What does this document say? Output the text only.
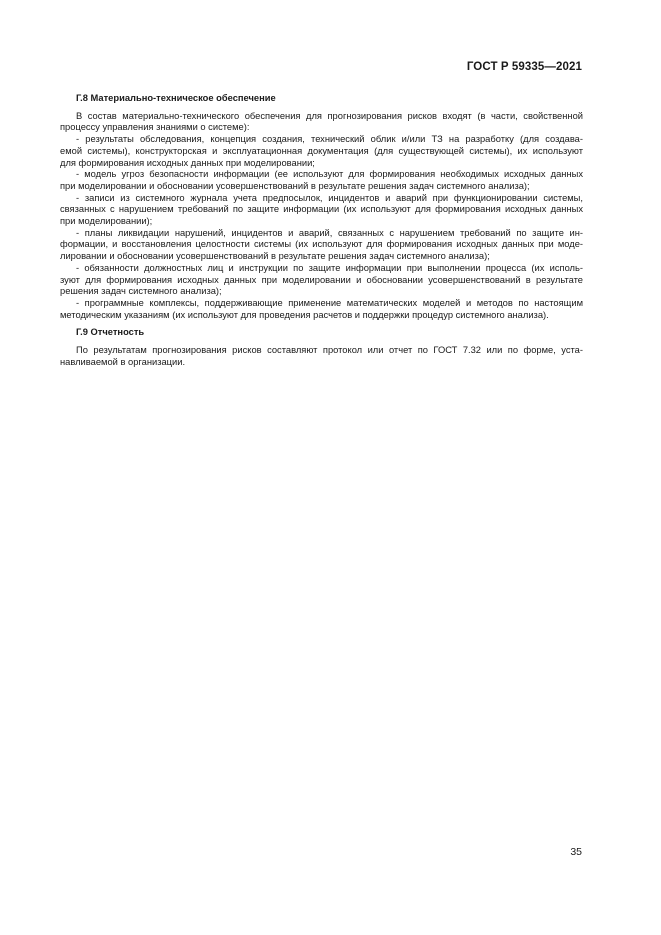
ГОСТ Р 59335—2021
Г.8 Материально-техническое обеспечение
В состав материально-технического обеспечения для прогнозирования рисков входят (в части, свойственной
процессу управления знаниями о системе):
- результаты обследования, концепция создания, технический облик и/или ТЗ на разработку (для создава-
емой системы), конструкторская и эксплуатационная документация (для существующей системы), их используют
для формирования исходных данных при моделировании;
- модель угроз безопасности информации (ее используют для формирования необходимых исходных данных
при моделировании и обосновании усовершенствований в результате решения задач системного анализа);
- записи из системного журнала учета предпосылок, инцидентов и аварий при функционировании системы,
связанных с нарушением требований по защите информации (их используют для формирования исходных данных
при моделировании);
- планы ликвидации нарушений, инцидентов и аварий, связанных с нарушением требований по защите ин-
формации, и восстановления целостности системы (их используют для формирования исходных данных при моде-
лировании и обосновании усовершенствований в результате решения задач системного анализа);
- обязанности должностных лиц и инструкции по защите информации при выполнении процесса (их исполь-
зуют для формирования исходных данных при моделировании и обосновании усовершенствований в результате
решения задач системного анализа);
- программные комплексы, поддерживающие применение математических моделей и методов по настоящим
методическим указаниям (их используют для проведения расчетов и поддержки процедур системного анализа).
Г.9 Отчетность
По результатам прогнозирования рисков составляют протокол или отчет по ГОСТ 7.32 или по форме, уста-
навливаемой в организации.
35
